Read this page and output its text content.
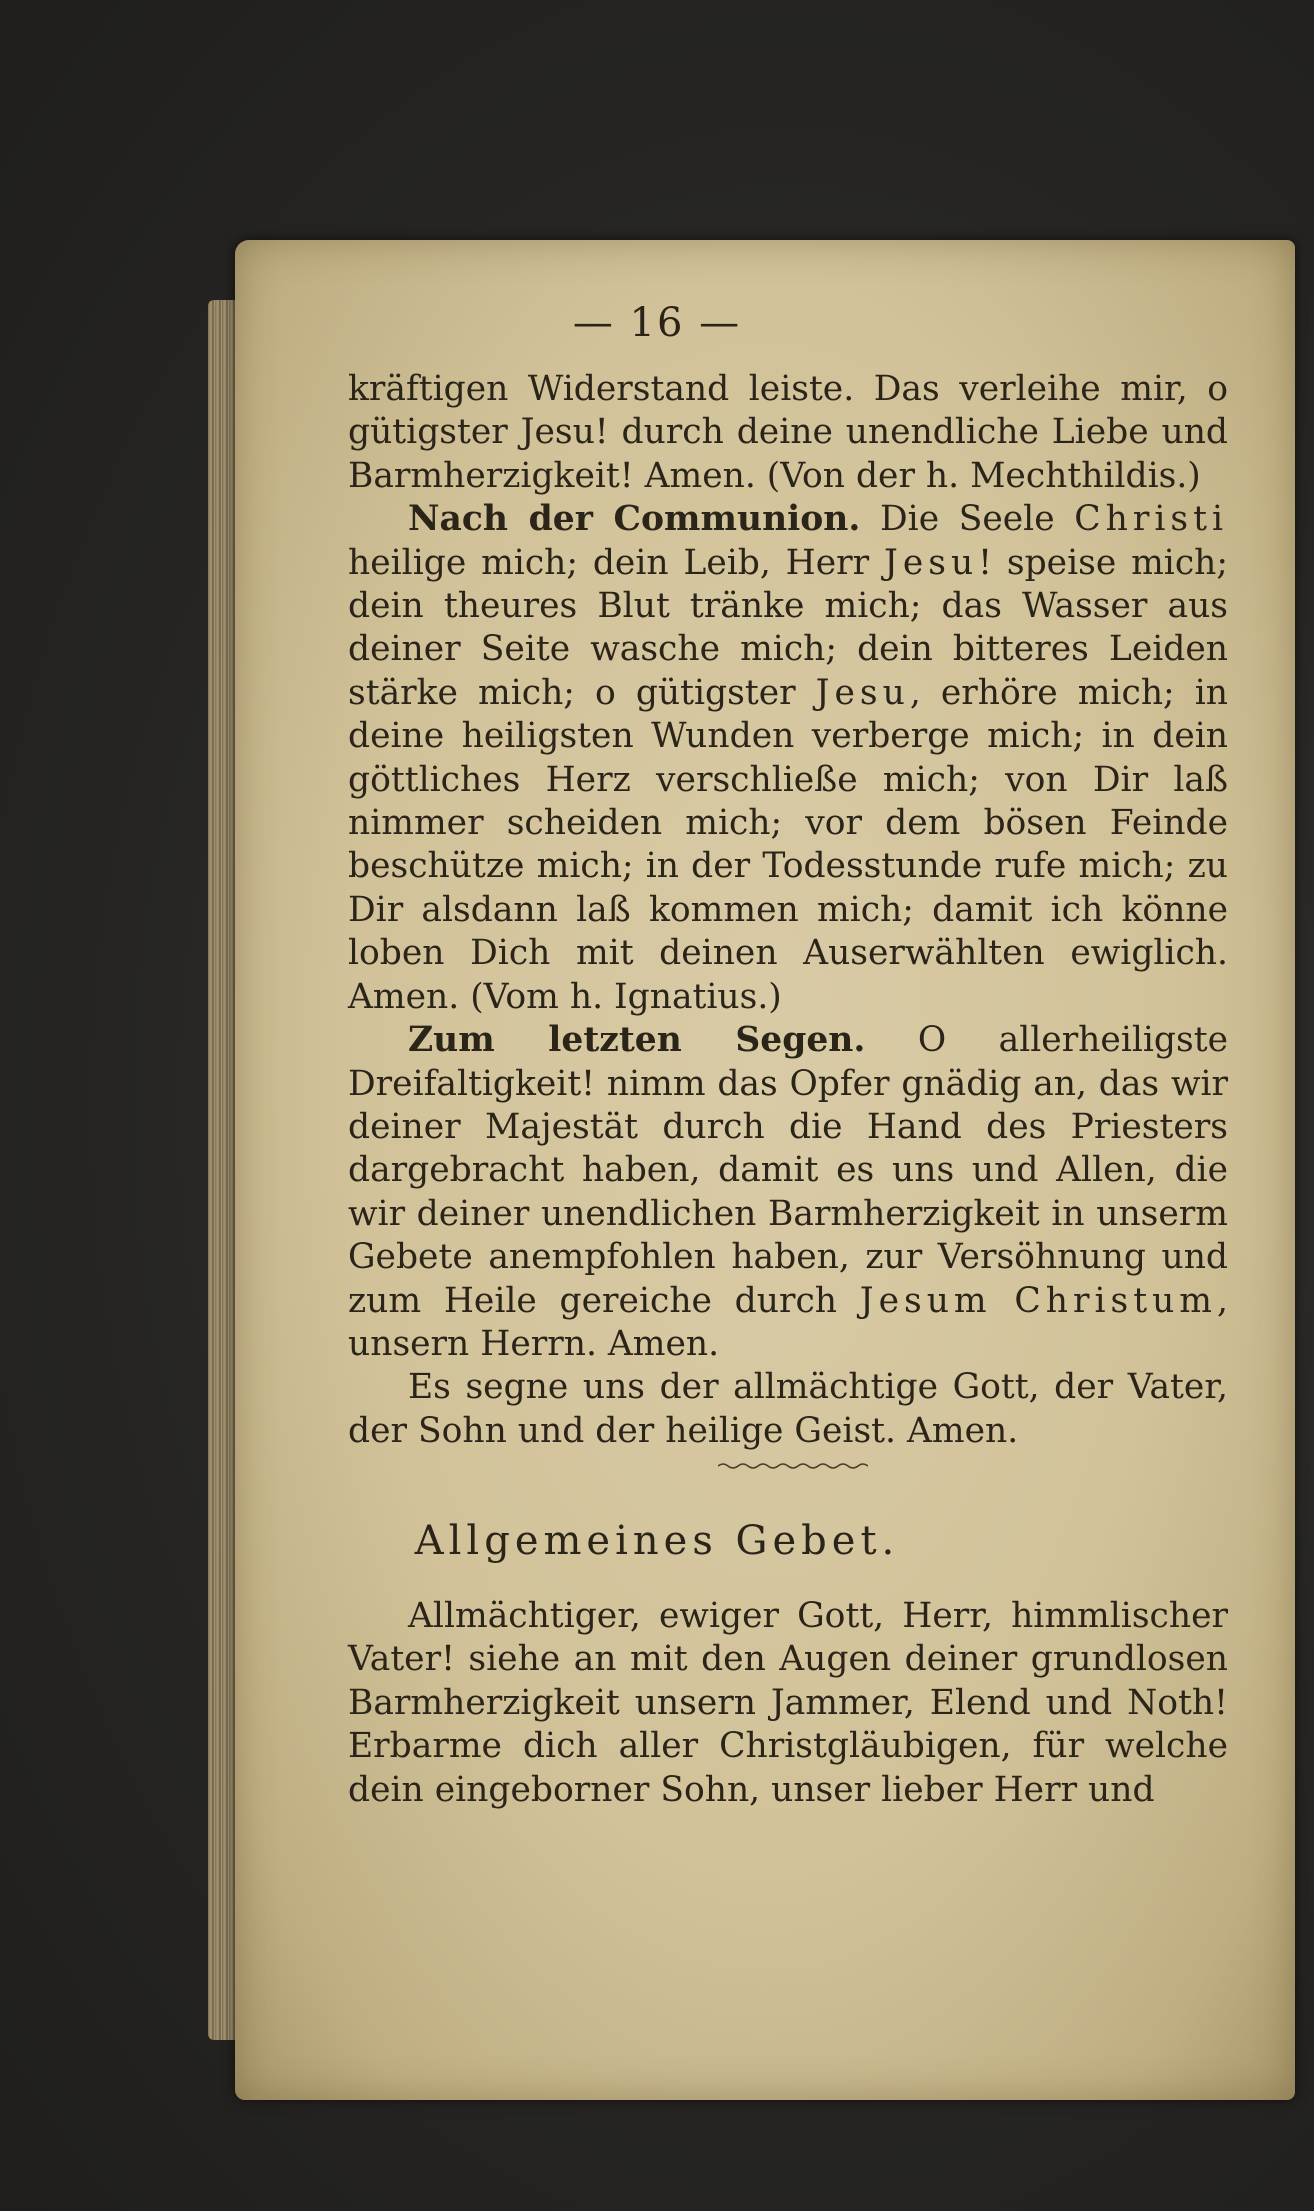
— 16 —

kräftigen Widerstand leiste. Das verleihe mir, o gütigster Jesu! durch deine unendliche Liebe und Barmherzigkeit! Amen. (Von der h. Mechthildis.)

Nach der Communion. Die Seele Christi heilige mich; dein Leib, Herr Jesu! speise mich; dein theures Blut tränke mich; das Wasser aus deiner Seite wasche mich; dein bitteres Leiden stärke mich; o gütigster Jesu, erhöre mich; in deine heiligsten Wunden verberge mich; in dein göttliches Herz verschließe mich; von Dir laß nimmer scheiden mich; vor dem bösen Feinde beschütze mich; in der Todesstunde rufe mich; zu Dir alsdann laß kommen mich; damit ich könne loben Dich mit deinen Auserwählten ewiglich. Amen. (Vom h. Ignatius.)

Zum letzten Segen. O allerheiligste Dreifaltigkeit! nimm das Opfer gnädig an, das wir deiner Majestät durch die Hand des Priesters dargebracht haben, damit es uns und Allen, die wir deiner unendlichen Barmherzigkeit in unserm Gebete anempfohlen haben, zur Versöhnung und zum Heile gereiche durch Jesum Christum, unsern Herrn. Amen.

Es segne uns der allmächtige Gott, der Vater, der Sohn und der heilige Geist. Amen.

Allgemeines Gebet.

Allmächtiger, ewiger Gott, Herr, himmlischer Vater! siehe an mit den Augen deiner grundlosen Barmherzigkeit unsern Jammer, Elend und Noth! Erbarme dich aller Christgläubigen, für welche dein eingeborner Sohn, unser lieber Herr und
